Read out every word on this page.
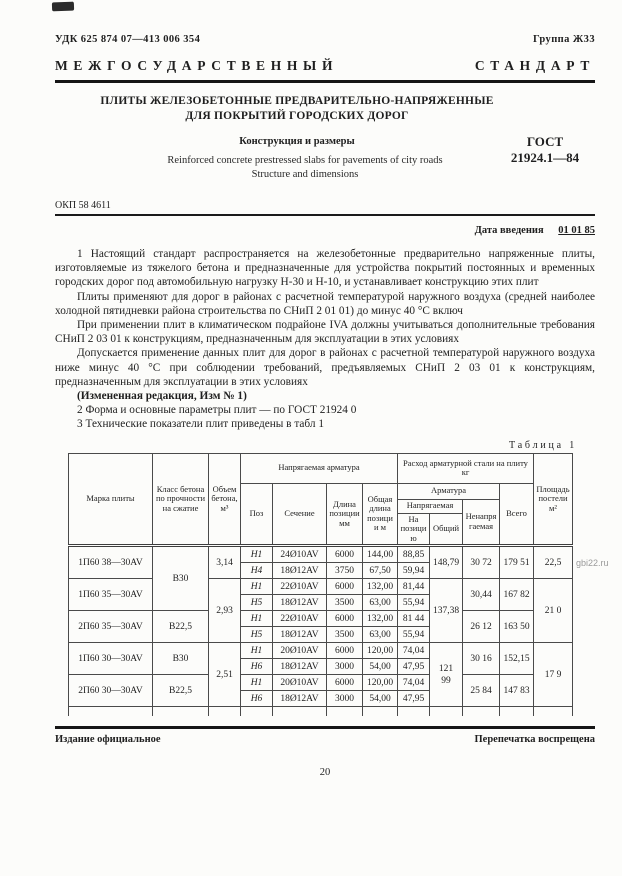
gbi22.ru
УДК 625 874 07—413 006 354	Группа Ж33
МЕЖГОСУДАРСТВЕННЫЙ	СТАНДАРТ
ПЛИТЫ ЖЕЛЕЗОБЕТОННЫЕ ПРЕДВАРИТЕЛЬНО-НАПРЯЖЕННЫЕ
ДЛЯ ПОКРЫТИЙ ГОРОДСКИХ ДОРОГ
Конструкция и размеры	ГОСТ
21924.1—84
Reinforced concrete prestressed slabs for pavements of city roads
Structure and dimensions
ОКП 58 4611
Дата введения 01 01 85

1 Настоящий стандарт распространяется на железобетонные предварительно напряженные плиты, изготовляемые из тяжелого бетона и предназначенные для устройства покрытий постоянных и временных городских дорог под автомобильную нагрузку Н-30 и Н-10, и устанавливает конструкцию этих плит

Плиты применяют для дорог в районах с расчетной температурой наружного воздуха (средней наиболее холодной пятидневки района строительства по СНиП 2 01 01) до минус 40 °С включ

При применении плит в климатическом подрайоне IVA должны учитываться дополнительные требования СНиП 2 03 01 к конструкциям, предназначенным для эксплуатации в этих условиях

Допускается применение данных плит для дорог в районах с расчетной температурой наружного воздуха ниже минус 40 °С при соблюдении требований, предъявляемых СНиП 2 03 01 к конструкциям, предназначенным для эксплуатации в этих условиях

(Измененная редакция, Изм № 1)

2 Форма и основные параметры плит — по ГОСТ 21924 0

3 Технические показатели плит приведены в табл 1

Таблица 1
Марка плиты	Класс бетона по прочности на сжатие	Объем бетона, м³	Напрягаемая арматура				Расход арматурной стали на плиту кг				Площадь постели м²
			Поз	Сечение	Длина позиции мм	Общая длина позиции м	Арматура			Всего	
							Напрягаемая		Ненапрягаемая		
							На позицию	Общий			
1П60 38—30AV	В30	3,14	Н1	24Ø10AV	6000	144,00	88,85	148,79	30 72	179 51	22,5
			Н4	18Ø12AV	3750	67,50	59,94				
1П60 35—30AV		2,93	Н1	22Ø10AV	6000	132,00	81,44	137,38	30,44	167 82	21 0
			Н5	18Ø12AV	3500	63,00	55,94				
2П60 35—30AV	В22,5		Н1	22Ø10AV	6000	132,00	81 44		26 12	163 50	
			Н5	18Ø12AV	3500	63,00	55,94				
1П60 30—30AV	В30	2,51	Н1	20Ø10AV	6000	120,00	74,04	121 99	30 16	152,15	17 9
			Н6	18Ø12AV	3000	54,00	47,95				
2П60 30—30AV	В22,5		Н1	20Ø10AV	6000	120,00	74,04		25 84	147 83	
			Н6	18Ø12AV	3000	54,00	47,95				

Издание официальное	Перепечатка воспрещена
20
